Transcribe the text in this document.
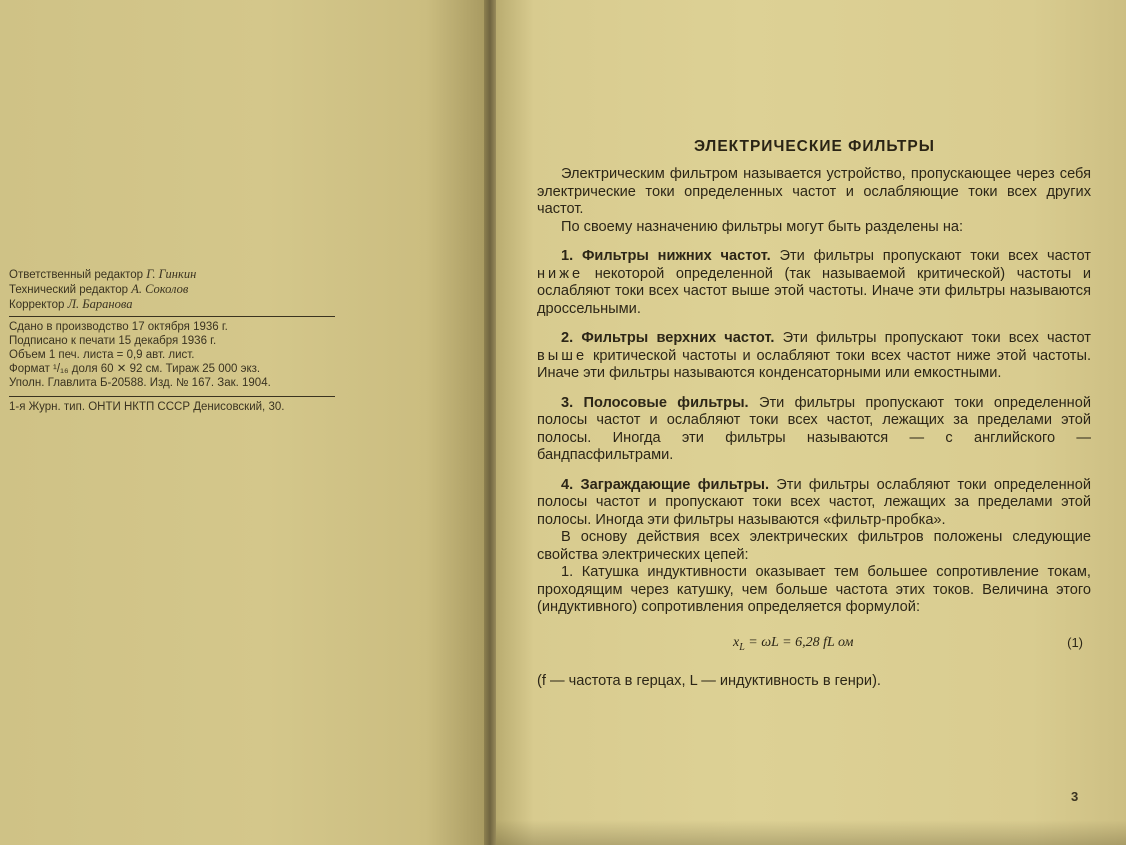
Ответственный редактор Г. Гинкин
Технический редактор А. Соколов
Корректор Л. Баранова
Сдано в производство 17 октября 1936 г.
Подписано к печати 15 декабря 1936 г.
Объем 1 печ. листа = 0,9 авт. лист.
Формат ¹/₁₆ доля 60 ✕ 92 см. Тираж 25 000 экз.
Уполн. Главлита Б-20588. Изд. № 167. Зак. 1904.
1-я Журн. тип. ОНТИ НКТП СССР Денисовский, 30.
ЭЛЕКТРИЧЕСКИЕ ФИЛЬТРЫ

Электрическим фильтром называется устройство, пропускающее через себя электрические токи определенных частот и ослабляющие токи всех других частот.

По своему назначению фильтры могут быть разделены на:

1. Фильтры нижних частот. Эти фильтры пропускают токи всех частот ниже некоторой определенной (так называемой критической) частоты и ослабляют токи всех частот выше этой частоты. Иначе эти фильтры называются дроссельными.

2. Фильтры верхних частот. Эти фильтры пропускают токи всех частот выше критической частоты и ослабляют токи всех частот ниже этой частоты. Иначе эти фильтры называются конденсаторными или емкостными.

3. Полосовые фильтры. Эти фильтры пропускают токи определенной полосы частот и ослабляют токи всех частот, лежащих за пределами этой полосы. Иногда эти фильтры называются — с английского — бандпасфильтрами.

4. Заграждающие фильтры. Эти фильтры ослабляют токи определенной полосы частот и пропускают токи всех частот, лежащих за пределами этой полосы. Иногда эти фильтры называются «фильтр-пробка».

В основу действия всех электрических фильтров положены следующие свойства электрических цепей:

1. Катушка индуктивности оказывает тем большее сопротивление токам, проходящим через катушку, чем больше частота этих токов. Величина этого (индуктивного) сопротивления определяется формулой:

$x_L = \omega L = 6,28$ fL ом	(1)

(f — частота в герцах, L — индуктивность в генри).

3
